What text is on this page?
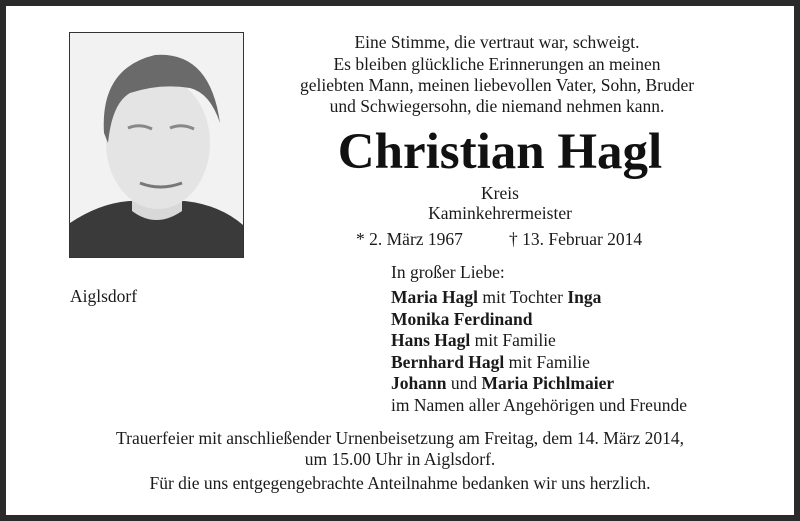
Eine Stimme, die vertraut war, schweigt.
Es bleiben glückliche Erinnerungen an meinen
geliebten Mann, meinen liebevollen Vater, Sohn, Bruder
und Schwiegersohn, die niemand nehmen kann.
Christian Hagl
Kreis
Kaminkehrermeister
* 2. März 1967	† 13. Februar 2014
Aiglsdorf
In großer Liebe:
Maria Hagl mit Tochter Inga
Monika Ferdinand
Hans Hagl mit Familie
Bernhard Hagl mit Familie
Johann und Maria Pichlmaier
im Namen aller Angehörigen und Freunde
Trauerfeier mit anschließender Urnenbeisetzung am Freitag, dem 14. März 2014,
um 15.00 Uhr in Aiglsdorf.
Für die uns entgegengebrachte Anteilnahme bedanken wir uns herzlich.
